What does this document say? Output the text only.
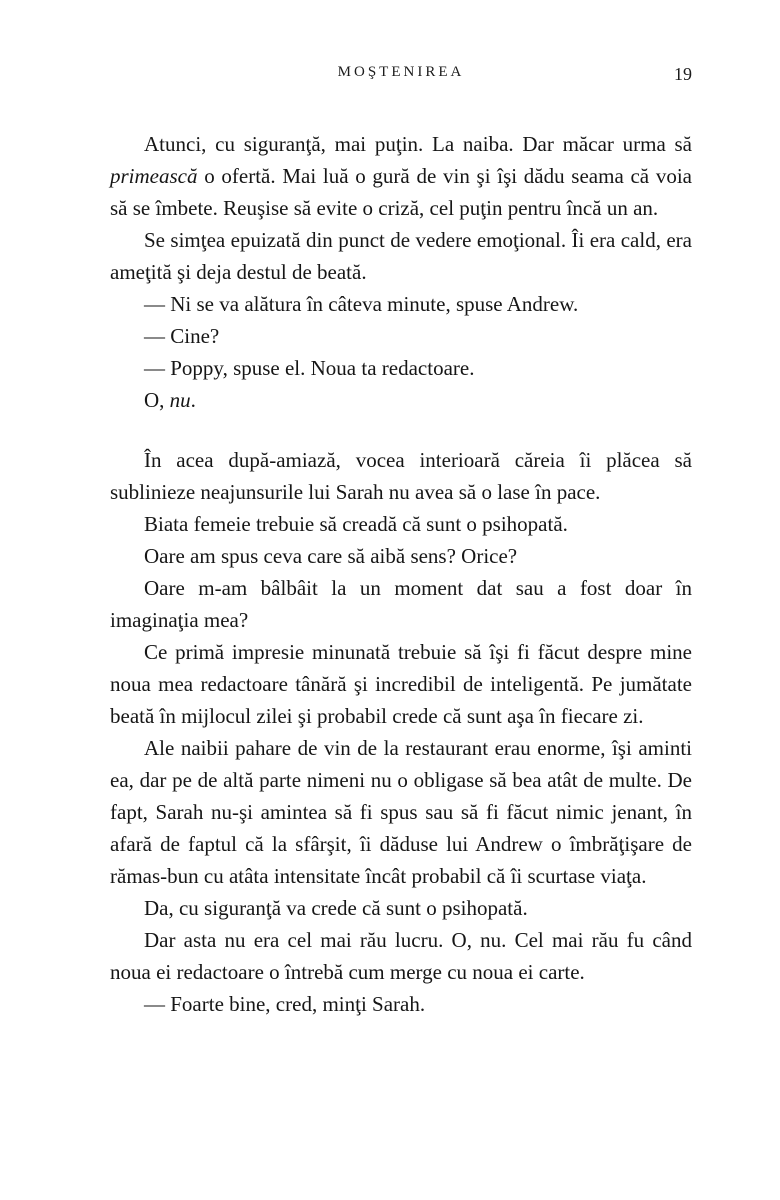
MOŞTENIREA	19

Atunci, cu siguranţă, mai puţin. La naiba. Dar măcar urma să primească o ofertă. Mai luă o gură de vin şi îşi dădu seama că voia să se îmbete. Reuşise să evite o criză, cel puţin pentru încă un an.

Se simţea epuizată din punct de vedere emoţional. Îi era cald, era ameţită şi deja destul de beată.

— Ni se va alătura în câteva minute, spuse Andrew.

— Cine?

— Poppy, spuse el. Noua ta redactoare.

O, nu.

În acea după-amiază, vocea interioară căreia îi plăcea să sublinieze neajunsurile lui Sarah nu avea să o lase în pace.

Biata femeie trebuie să creadă că sunt o psihopată.

Oare am spus ceva care să aibă sens? Orice?

Oare m-am bâlbâit la un moment dat sau a fost doar în imaginaţia mea?

Ce primă impresie minunată trebuie să îşi fi făcut despre mine noua mea redactoare tânără şi incredibil de inteligentă. Pe jumătate beată în mijlocul zilei şi probabil crede că sunt aşa în fiecare zi.

Ale naibii pahare de vin de la restaurant erau enorme, îşi aminti ea, dar pe de altă parte nimeni nu o obligase să bea atât de multe. De fapt, Sarah nu-şi amintea să fi spus sau să fi făcut nimic jenant, în afară de faptul că la sfârşit, îi dăduse lui Andrew o îmbrăţişare de rămas-bun cu atâta intensitate încât probabil că îi scurtase viaţa.

Da, cu siguranţă va crede că sunt o psihopată.

Dar asta nu era cel mai rău lucru. O, nu. Cel mai rău fu când noua ei redactoare o întrebă cum merge cu noua ei carte.

— Foarte bine, cred, minţi Sarah.
